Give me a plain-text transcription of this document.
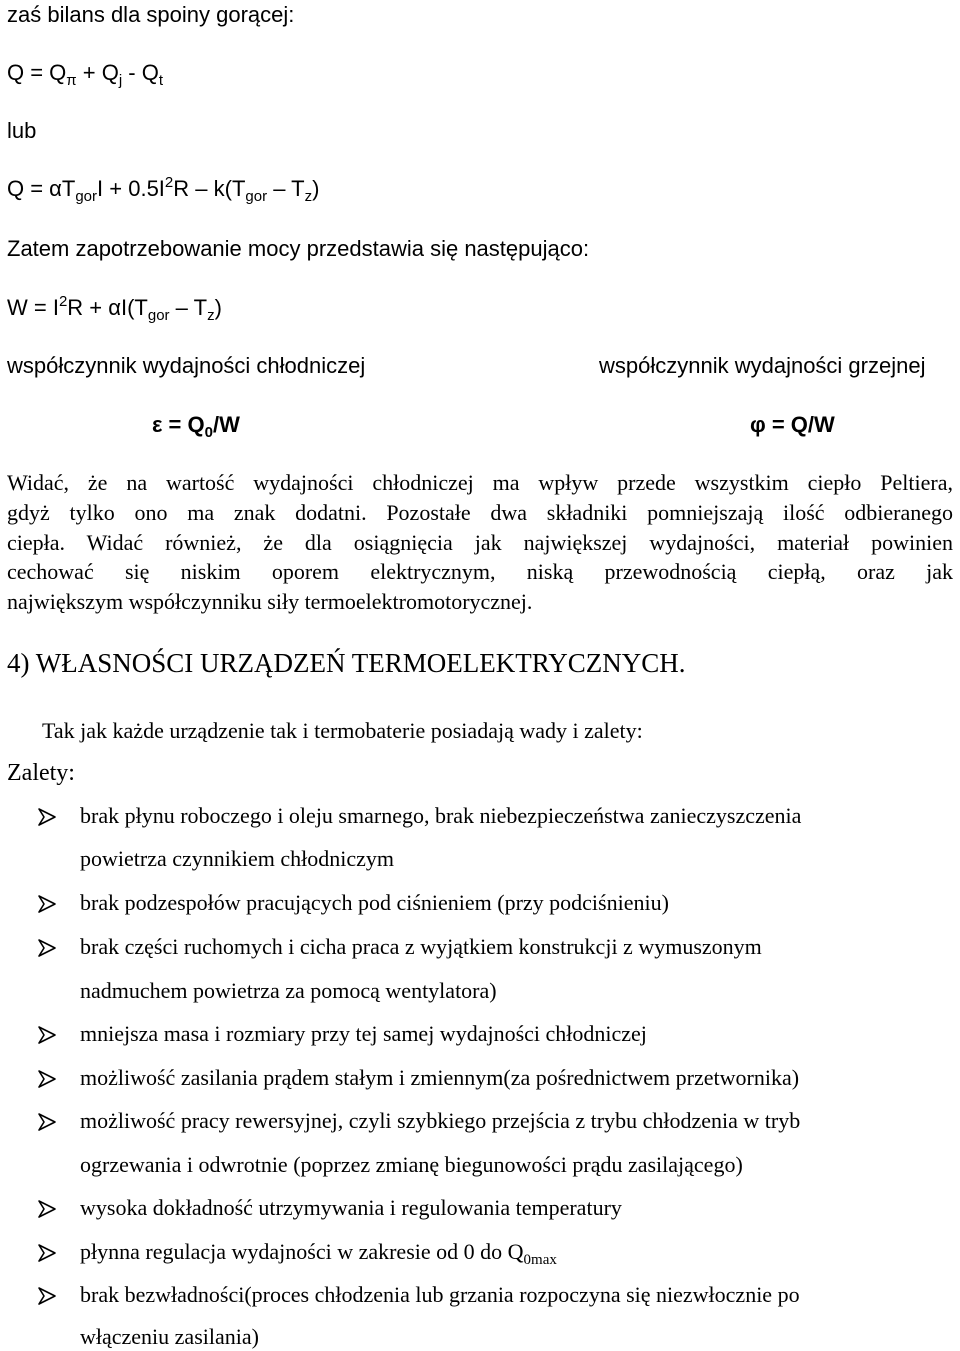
zaś bilans dla spoiny gorącej:
$Q = Q_\pi + Q_j - Q_t$
lub
$Q = \alpha T_{gor}I + 0.5I^2R - k(T_{gor} - T_z)$
Zatem zapotrzebowanie mocy przedstawia się następująco:
$W = I^2R + \alpha I(T_{gor} - T_z)$
współczynnik wydajności chłodniczej	współczynnik wydajności grzejnej
$\varepsilon = Q_0/W$	φ = Q/W
Widać, że na wartość wydajności chłodniczej ma wpływ przede wszystkim ciepło Peltiera,
gdyż tylko ono ma znak dodatni. Pozostałe dwa składniki pomniejszają ilość odbieranego
ciepła. Widać również, że dla osiągnięcia jak największej wydajności, materiał powinien
cechować się niskim oporem elektrycznym, niską przewodnością ciepłą, oraz jak
największym współczynniku siły termoelektromotorycznej.
4) WŁASNOŚCI URZĄDZEŃ TERMOELEKTRYCZNYCH.
Tak jak każde urządzenie tak i termobaterie posiadają wady i zalety:
Zalety:
brak płynu roboczego i oleju smarnego, brak niebezpieczeństwa zanieczyszczenia
powietrza czynnikiem chłodniczym
brak podzespołów pracujących pod ciśnieniem (przy podciśnieniu)
brak części ruchomych i cicha praca z wyjątkiem konstrukcji z wymuszonym
nadmuchem powietrza za pomocą wentylatora)
mniejsza masa i rozmiary przy tej samej wydajności chłodniczej
możliwość zasilania prądem stałym i zmiennym(za pośrednictwem przetwornika)
możliwość pracy rewersyjnej, czyli szybkiego przejścia z trybu chłodzenia w tryb
ogrzewania i odwrotnie (poprzez zmianę biegunowości prądu zasilającego)
wysoka dokładność utrzymywania i regulowania temperatury
płynna regulacja wydajności w zakresie od 0 do $Q_{0max}$
brak bezwładności(proces chłodzenia lub grzania rozpoczyna się niezwłocznie po
włączeniu zasilania)
